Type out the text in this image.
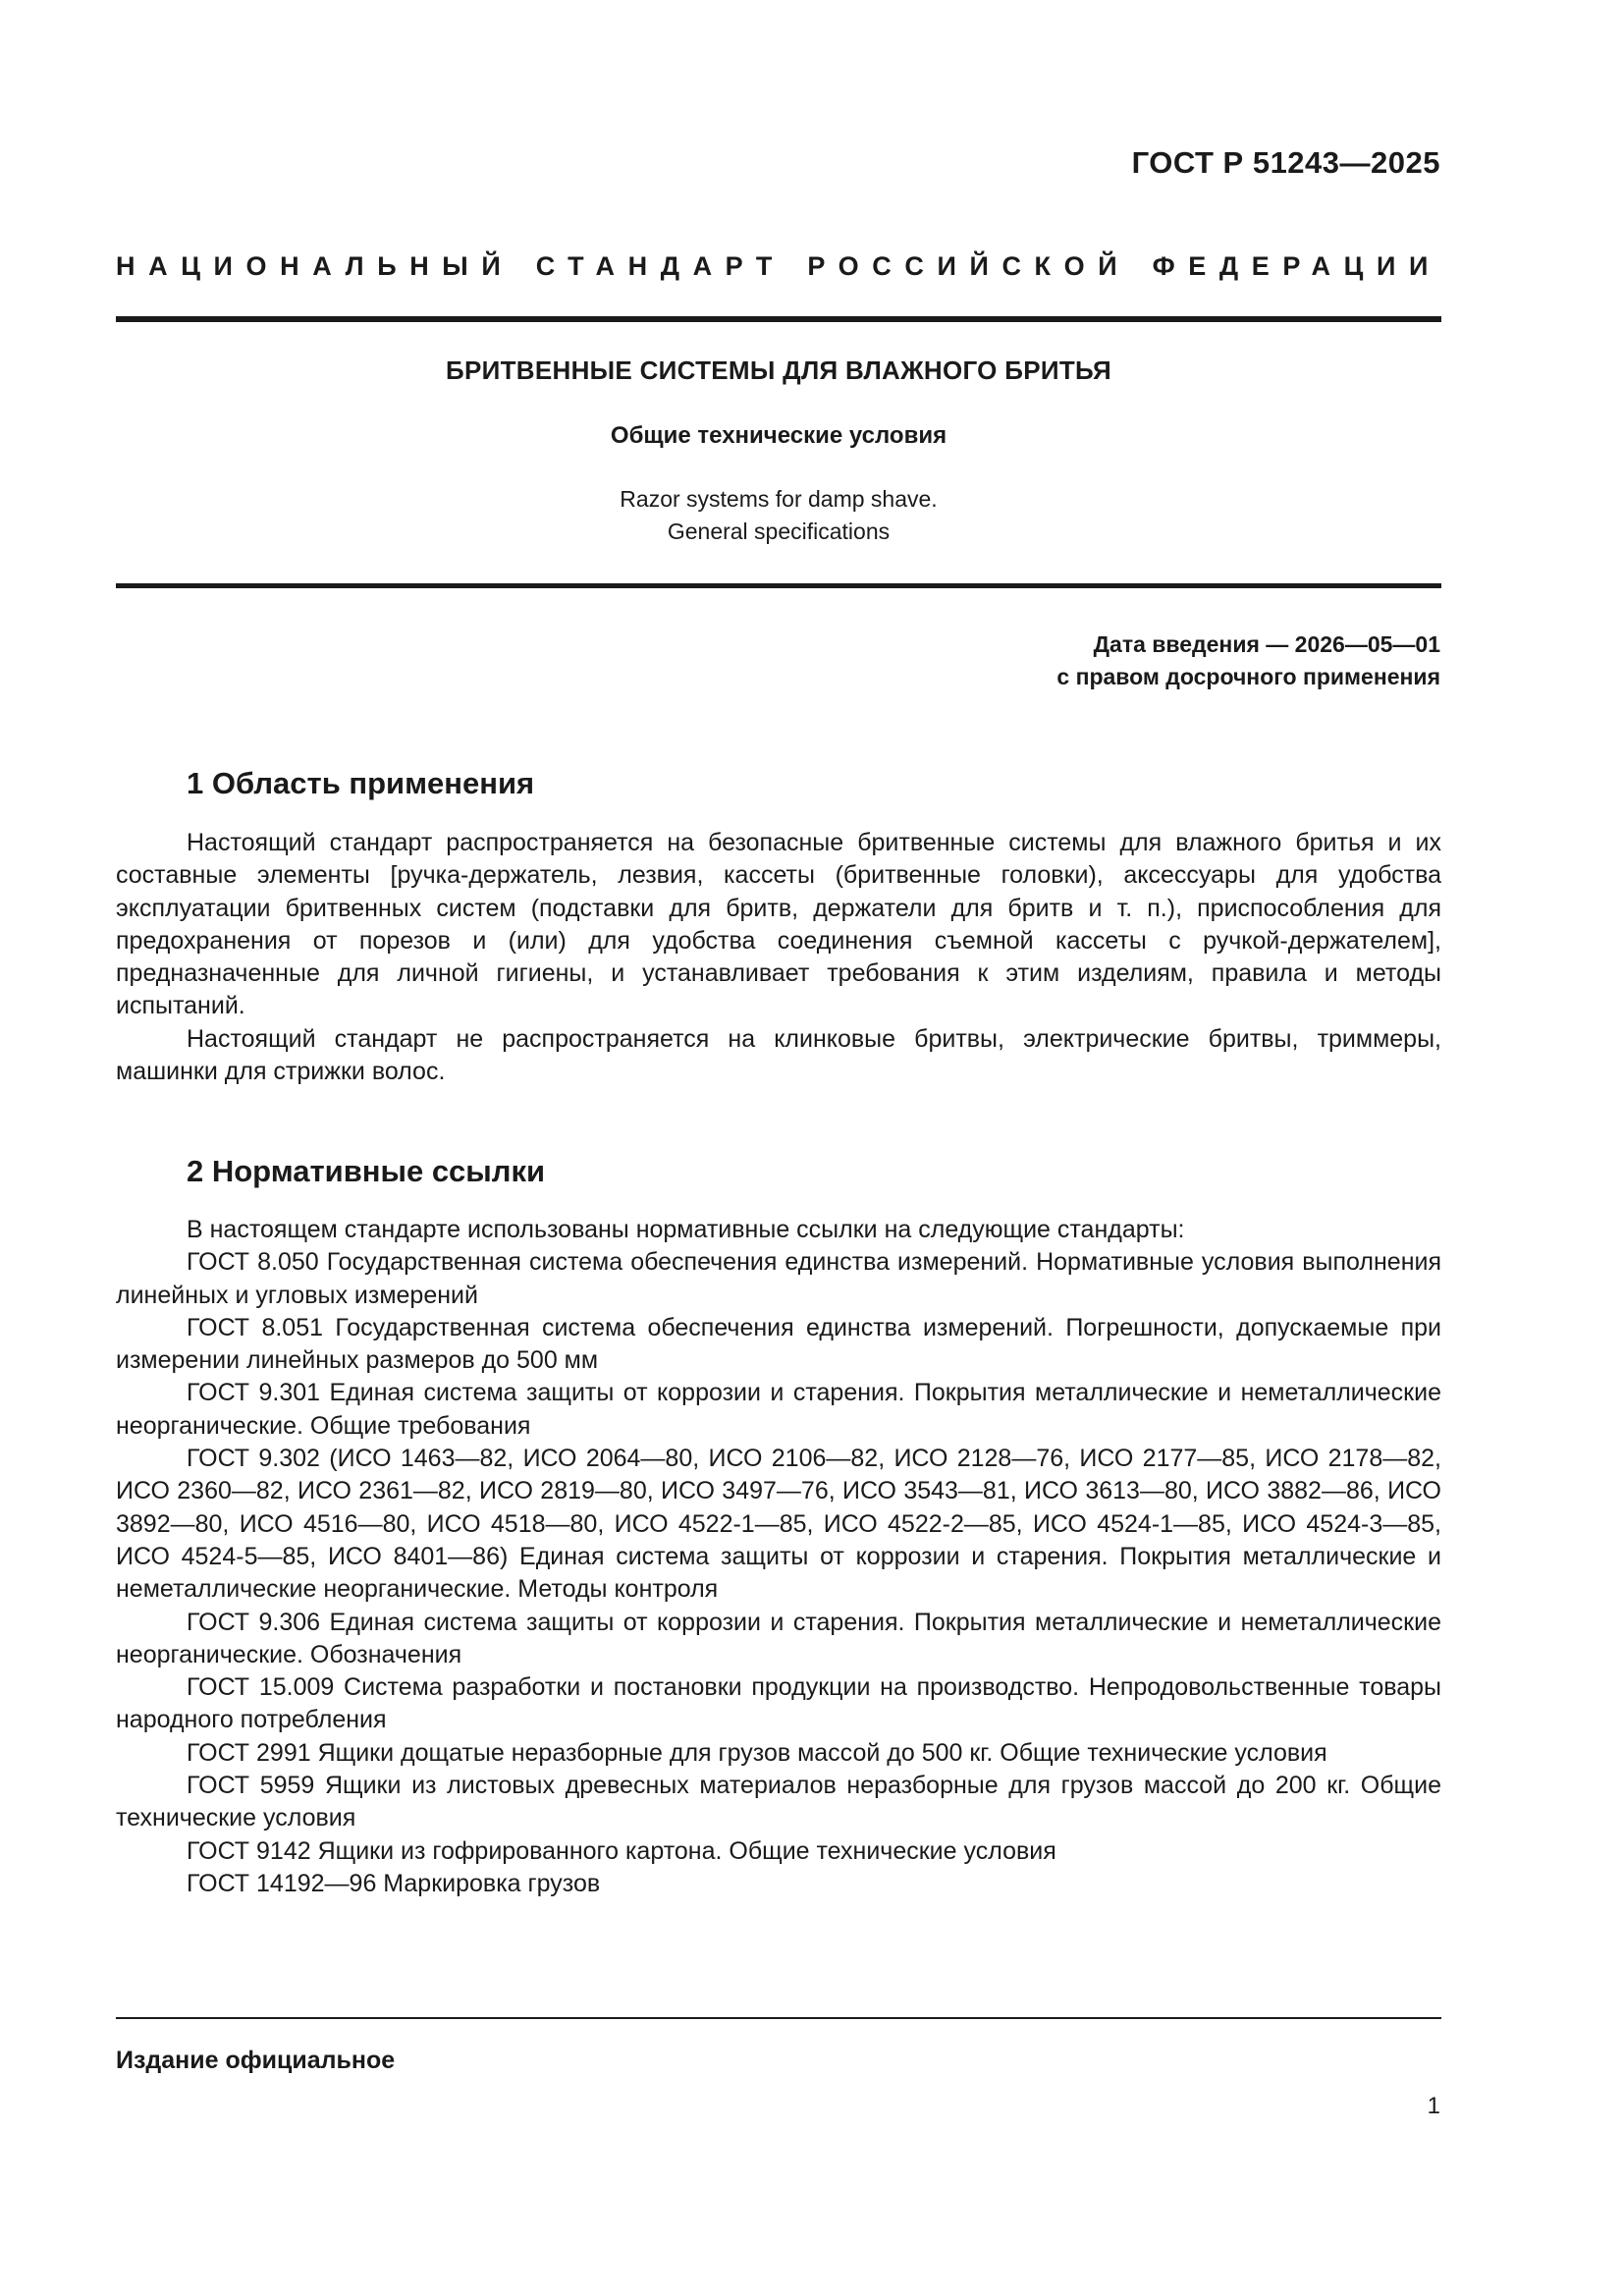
ГОСТ Р 51243—2025
НАЦИОНАЛЬНЫЙ СТАНДАРТ РОССИЙСКОЙ ФЕДЕРАЦИИ
БРИТВЕННЫЕ СИСТЕМЫ ДЛЯ ВЛАЖНОГО БРИТЬЯ
Общие технические условия
Razor systems for damp shave.
General specifications
Дата введения — 2026—05—01
с правом досрочного применения
1 Область применения

Настоящий стандарт распространяется на безопасные бритвенные системы для влажного бритья и их составные элементы [ручка-держатель, лезвия, кассеты (бритвенные головки), аксессуары для удобства эксплуатации бритвенных систем (подставки для бритв, держатели для бритв и т. п.), приспособления для предохранения от порезов и (или) для удобства соединения съемной кассеты с ручкой-держателем], предназначенные для личной гигиены, и устанавливает требования к этим изделиям, правила и методы испытаний.

Настоящий стандарт не распространяется на клинковые бритвы, электрические бритвы, триммеры, машинки для стрижки волос.

2 Нормативные ссылки

В настоящем стандарте использованы нормативные ссылки на следующие стандарты:

ГОСТ 8.050 Государственная система обеспечения единства измерений. Нормативные условия выполнения линейных и угловых измерений

ГОСТ 8.051 Государственная система обеспечения единства измерений. Погрешности, допускаемые при измерении линейных размеров до 500 мм

ГОСТ 9.301 Единая система защиты от коррозии и старения. Покрытия металлические и неметаллические неорганические. Общие требования

ГОСТ 9.302 (ИСО 1463—82, ИСО 2064—80, ИСО 2106—82, ИСО 2128—76, ИСО 2177—85, ИСО 2178—82, ИСО 2360—82, ИСО 2361—82, ИСО 2819—80, ИСО 3497—76, ИСО 3543—81, ИСО 3613—80, ИСО 3882—86, ИСО 3892—80, ИСО 4516—80, ИСО 4518—80, ИСО 4522-1—85, ИСО 4522-2—85, ИСО 4524-1—85, ИСО 4524-3—85, ИСО 4524-5—85, ИСО 8401—86) Единая система защиты от коррозии и старения. Покрытия металлические и неметаллические неорганические. Методы контроля

ГОСТ 9.306 Единая система защиты от коррозии и старения. Покрытия металлические и неметаллические неорганические. Обозначения

ГОСТ 15.009 Система разработки и постановки продукции на производство. Непродовольственные товары народного потребления

ГОСТ 2991 Ящики дощатые неразборные для грузов массой до 500 кг. Общие технические условия

ГОСТ 5959 Ящики из листовых древесных материалов неразборные для грузов массой до 200 кг. Общие технические условия

ГОСТ 9142 Ящики из гофрированного картона. Общие технические условия

ГОСТ 14192—96 Маркировка грузов

Издание официальное
1
